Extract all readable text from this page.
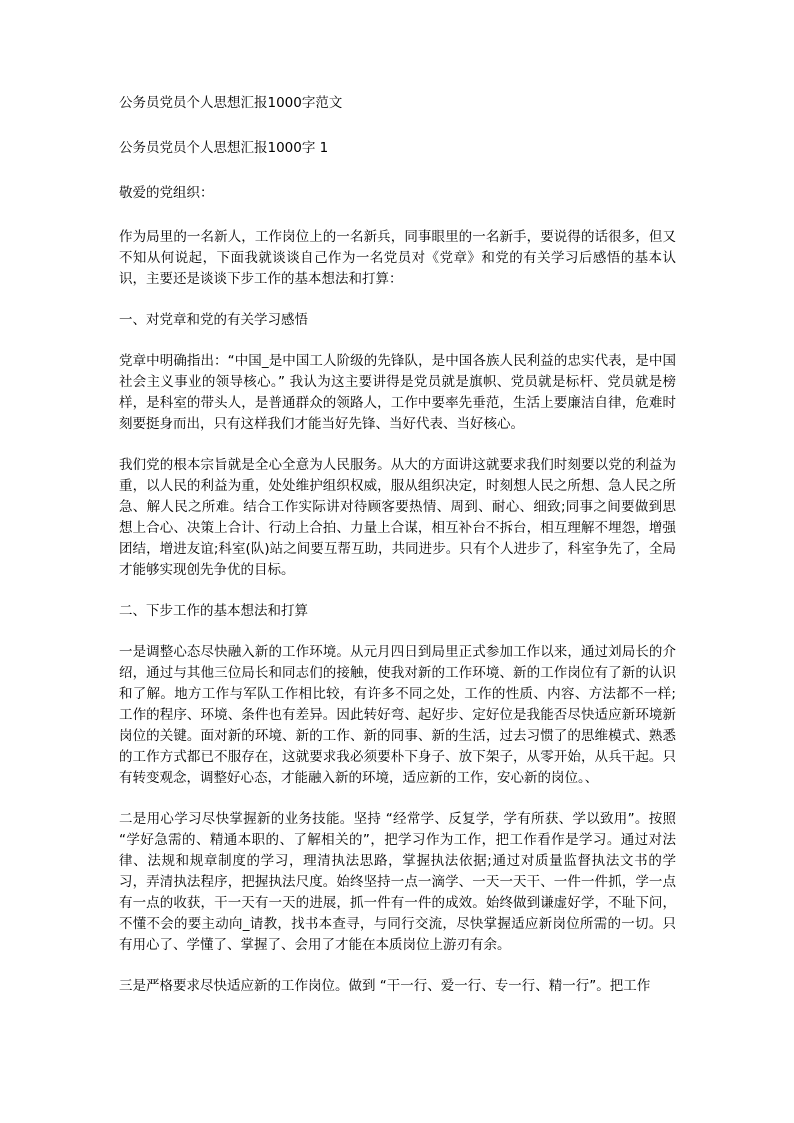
公务员党员个人思想汇报1000字范文

公务员党员个人思想汇报1000字 1

敬爱的党组织：

作为局里的一名新人，工作岗位上的一名新兵，同事眼里的一名新手，要说得的话很多，但又不知从何说起，下面我就谈谈自己作为一名党员对《党章》和党的有关学习后感悟的基本认识，主要还是谈谈下步工作的基本想法和打算：

一、对党章和党的有关学习感悟

党章中明确指出：“中国_是中国工人阶级的先锋队，是中国各族人民利益的忠实代表，是中国社会主义事业的领导核心。” 我认为这主要讲得是党员就是旗帜、党员就是标杆、党员就是榜样，是科室的带头人，是普通群众的领路人，工作中要率先垂范，生活上要廉洁自律，危难时刻要挺身而出，只有这样我们才能当好先锋、当好代表、当好核心。

我们党的根本宗旨就是全心全意为人民服务。从大的方面讲这就要求我们时刻要以党的利益为重，以人民的利益为重，处处维护组织权威，服从组织决定，时刻想人民之所想、急人民之所急、解人民之所难。结合工作实际讲对待顾客要热情、周到、耐心、细致;同事之间要做到思想上合心、决策上合计、行动上合拍、力量上合谋，相互补台不拆台，相互理解不埋怨，增强团结，增进友谊;科室(队)站之间要互帮互助，共同进步。只有个人进步了，科室争先了，全局才能够实现创先争优的目标。

二、下步工作的基本想法和打算

一是调整心态尽快融入新的工作环境。从元月四日到局里正式参加工作以来，通过刘局长的介绍，通过与其他三位局长和同志们的接触，使我对新的工作环境、新的工作岗位有了新的认识和了解。地方工作与军队工作相比较，有许多不同之处，工作的性质、内容、方法都不一样;工作的程序、环境、条件也有差异。因此转好弯、起好步、定好位是我能否尽快适应新环境新岗位的关键。面对新的环境、新的工作、新的同事、新的生活，过去习惯了的思维模式、熟悉的工作方式都已不服存在，这就要求我必须要朴下身子、放下架子，从零开始，从兵干起。只有转变观念，调整好心态，才能融入新的环境，适应新的工作，安心新的岗位。、

二是用心学习尽快掌握新的业务技能。坚持 “经常学、反复学，学有所获、学以致用”。按照 “学好急需的、精通本职的、了解相关的”，把学习作为工作，把工作看作是学习。通过对法律、法规和规章制度的学习，理清执法思路，掌握执法依据;通过对质量监督执法文书的学习，弄清执法程序，把握执法尺度。始终坚持一点一滴学、一天一天干、一件一件抓，学一点有一点的收获，干一天有一天的进展，抓一件有一件的成效。始终做到谦虚好学，不耻下问，不懂不会的要主动向_请教，找书本查寻，与同行交流，尽快掌握适应新岗位所需的一切。只有用心了、学懂了、掌握了、会用了才能在本质岗位上游刃有余。

三是严格要求尽快适应新的工作岗位。做到 “干一行、爱一行、专一行、精一行”。把工作
